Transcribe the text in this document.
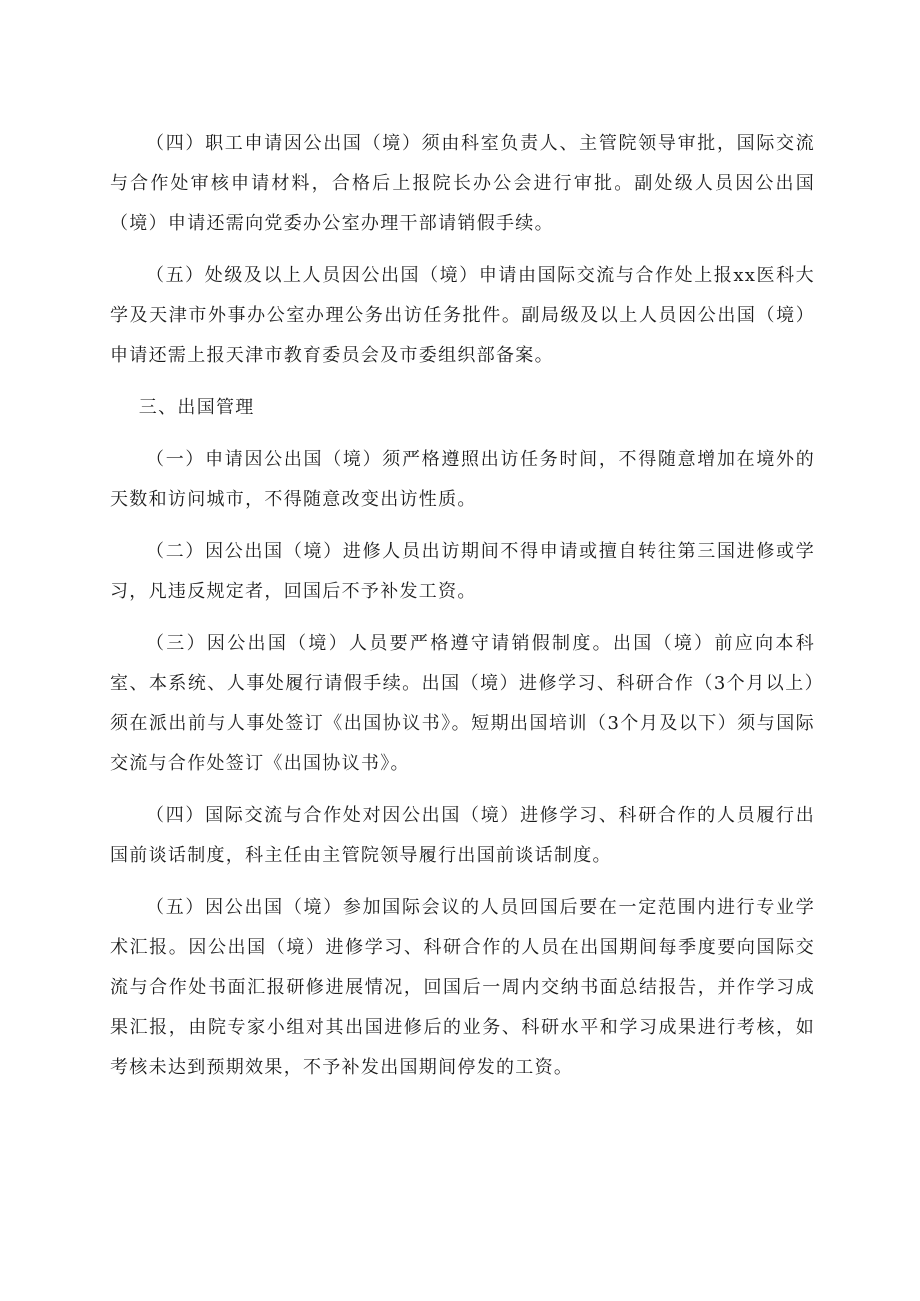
（四）职工申请因公出国（境）须由科室负责人、主管院领导审批，国际交流与合作处审核申请材料，合格后上报院长办公会进行审批。副处级人员因公出国（境）申请还需向党委办公室办理干部请销假手续。

（五）处级及以上人员因公出国（境）申请由国际交流与合作处上报xx医科大学及天津市外事办公室办理公务出访任务批件。副局级及以上人员因公出国（境）申请还需上报天津市教育委员会及市委组织部备案。

三、出国管理

（一）申请因公出国（境）须严格遵照出访任务时间，不得随意增加在境外的天数和访问城市，不得随意改变出访性质。

（二）因公出国（境）进修人员出访期间不得申请或擅自转往第三国进修或学习，凡违反规定者，回国后不予补发工资。

（三）因公出国（境）人员要严格遵守请销假制度。出国（境）前应向本科室、本系统、人事处履行请假手续。出国（境）进修学习、科研合作（3个月以上）须在派出前与人事处签订《出国协议书》。短期出国培训（3个月及以下）须与国际交流与合作处签订《出国协议书》。

（四）国际交流与合作处对因公出国（境）进修学习、科研合作的人员履行出国前谈话制度，科主任由主管院领导履行出国前谈话制度。

（五）因公出国（境）参加国际会议的人员回国后要在一定范围内进行专业学术汇报。因公出国（境）进修学习、科研合作的人员在出国期间每季度要向国际交流与合作处书面汇报研修进展情况，回国后一周内交纳书面总结报告，并作学习成果汇报，由院专家小组对其出国进修后的业务、科研水平和学习成果进行考核，如考核未达到预期效果，不予补发出国期间停发的工资。
